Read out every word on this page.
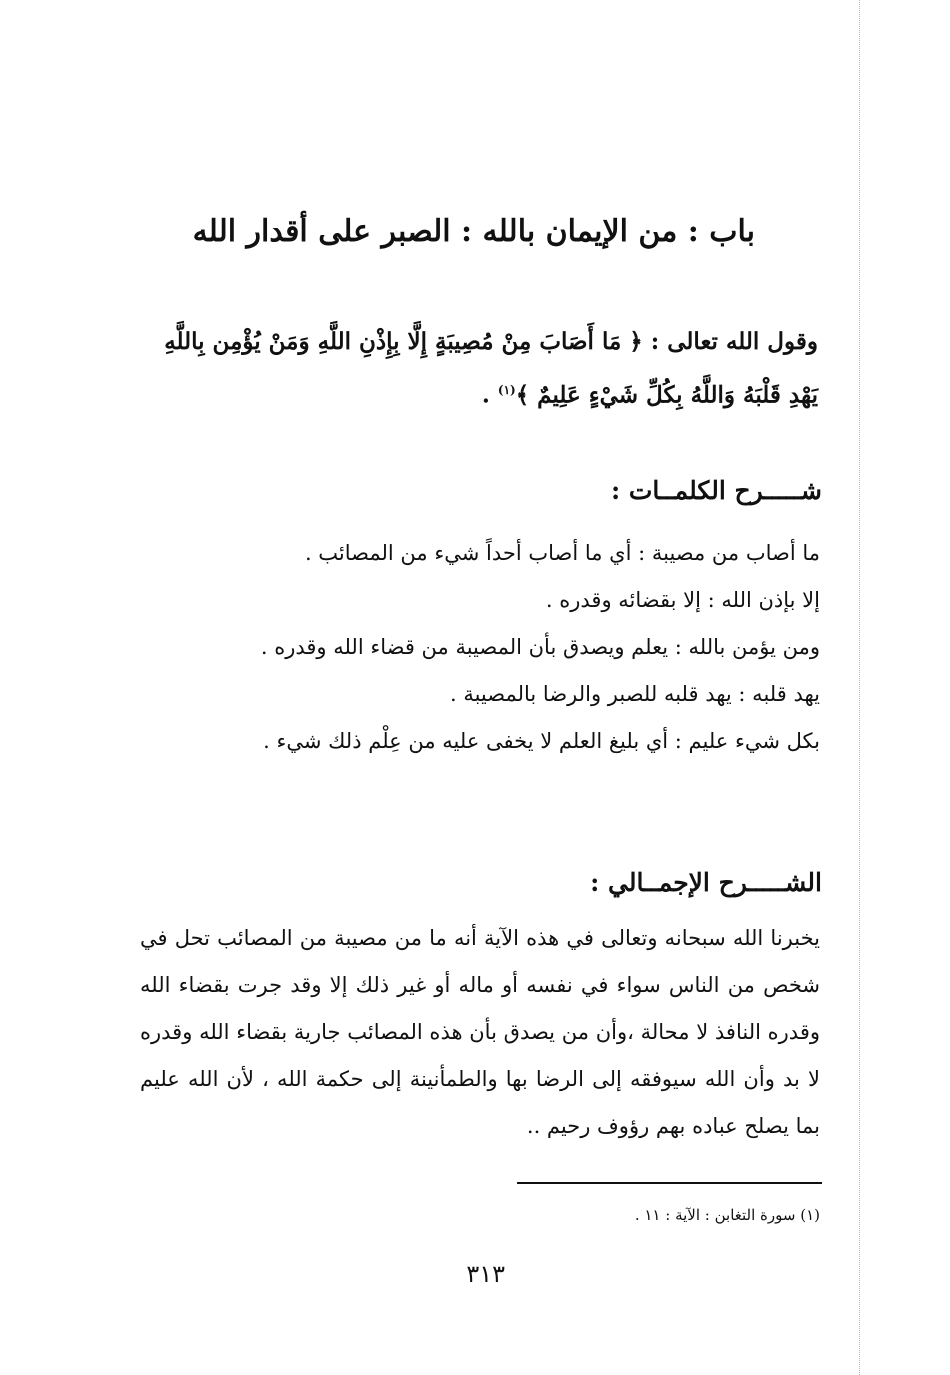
باب : من الإيمان بالله : الصبر على أقدار الله
وقول الله تعالى : ﴿ مَا أَصَابَ مِنْ مُصِيبَةٍ إِلَّا بِإِذْنِ اللَّهِ وَمَنْ يُؤْمِن بِاللَّهِ يَهْدِ قَلْبَهُ وَاللَّهُ بِكُلِّ شَيْءٍ عَلِيمٌ ﴾$^{(١)}$ .
شـــــرح الكلمــات :

ما أصاب من مصيبة : أي ما أصاب أحداً شيء من المصائب .

إلا بإذن الله : إلا بقضائه وقدره .

ومن يؤمن بالله : يعلم ويصدق بأن المصيبة من قضاء الله وقدره .

يهد قلبه : يهد قلبه للصبر والرضا بالمصيبة .

بكل شيء عليم : أي بليغ العلم لا يخفى عليه من عِلْم ذلك شيء .

الشـــــرح الإجمــالي :
يخبرنا الله سبحانه وتعالى في هذه الآية أنه ما من مصيبة من المصائب تحل في شخص من الناس سواء في نفسه أو ماله أو غير ذلك إلا وقد جرت بقضاء الله وقدره النافذ لا محالة ،وأن من يصدق بأن هذه المصائب جارية بقضاء الله وقدره لا بد وأن الله سيوفقه إلى الرضا بها والطمأنينة إلى حكمة الله ، لأن الله عليم بما يصلح عباده بهم رؤوف رحيم ..
(١) سورة التغابن : الآية : ١١ .
٣١٣
